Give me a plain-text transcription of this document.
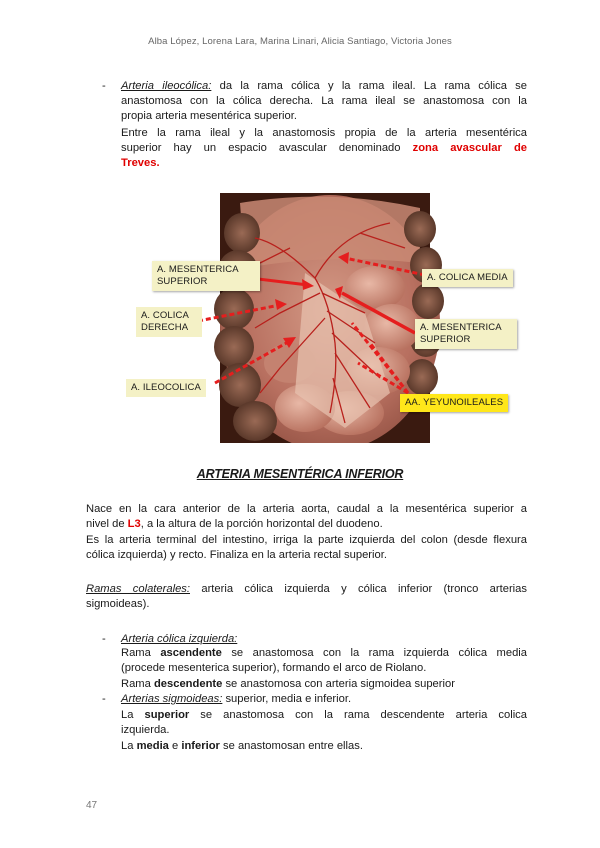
Alba López, Lorena Lara, Marina Linari, Alicia Santiago, Victoria Jones
- Arteria ileocólica: da la rama cólica y la rama ileal. La rama cólica se
anastomosa con la cólica derecha. La rama ileal se anastomosa con la
propia arteria mesentérica superior.
Entre la rama ileal y la anastomosis propia de la arteria mesentérica
superior hay un espacio avascular denominado zona avascular de
Treves.
A. MESENTERICA SUPERIOR
A. COLICA DERECHA
A. ILEOCOLICA
A. COLICA MEDIA
A. MESENTERICA SUPERIOR
AA. YEYUNOILEALES
ARTERIA MESENTÉRICA INFERIOR
Nace en la cara anterior de la arteria aorta, caudal a la mesentérica superior a
nivel de L3, a la altura de la porción horizontal del duodeno.
Es la arteria terminal del intestino, irriga la parte izquierda del colon (desde flexura
cólica izquierda) y recto. Finaliza en la arteria rectal superior.
Ramas colaterales: arteria cólica izquierda y cólica inferior (tronco arterias
sigmoideas).
- Arteria cólica izquierda:
Rama ascendente se anastomosa con la rama izquierda cólica media
(procede mesenterica superior), formando el arco de Riolano.
Rama descendente se anastomosa con arteria sigmoidea superior
- Arterias sigmoideas: superior, media e inferior.
La superior se anastomosa con la rama descendente arteria colica
izquierda.
La media e inferior se anastomosan entre ellas.
47
